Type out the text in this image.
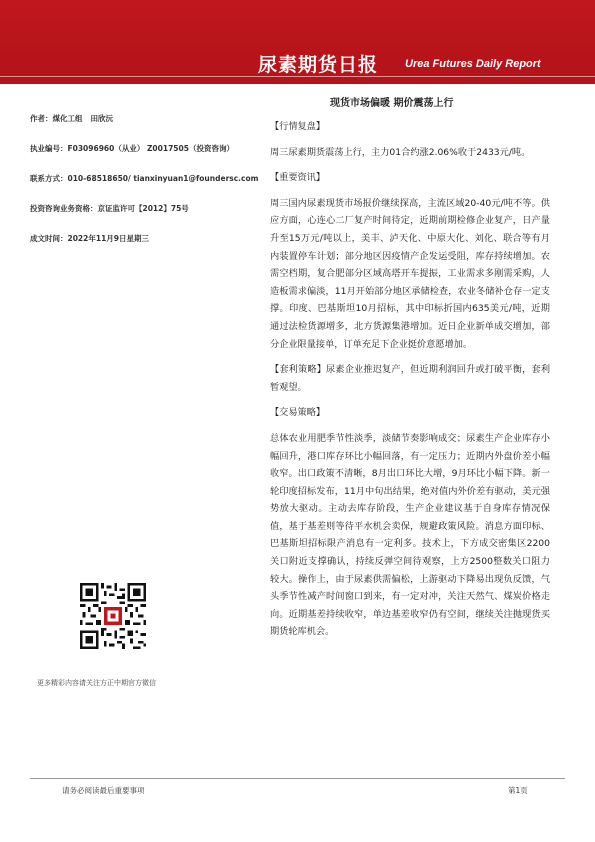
尿素期货日报 Urea Futures Daily Report
现货市场偏暖 期价震荡上行

作者：煤化工组 田欣沅

执业编号：F03096960（从业） Z0017505（投资咨询）

联系方式：010-68518650/ tianxinyuan1@foundersc.com

投资咨询业务资格：京证监许可【2012】75号

成文时间：2022年11月9日星期三

【行情复盘】

周三尿素期货震荡上行，主力01合约涨2.06%收于2433元/吨。

【重要资讯】

周三国内尿素现货市场报价继续探高，主流区域20-40元/吨不等。供应方面，心连心二厂复产时间待定，近期前期检修企业复产，日产量升至15万元/吨以上，美丰、泸天化、中原大化、刘化、联合等有月内装置停车计划；部分地区因疫情产企发运受阻，库存持续增加。农需空档期，复合肥部分区域高塔开车提振，工业需求多刚需采购，人造板需求偏淡，11月开始部分地区承储检查，农业冬储补仓存一定支撑。印度、巴基斯坦10月招标，其中印标折国内635美元/吨，近期通过法检货源增多，北方货源集港增加。近日企业新单成交增加，部分企业限量接单，订单充足下企业挺价意愿增加。

【套利策略】尿素企业推迟复产，但近期利润回升或打破平衡，套利暂观望。

【交易策略】

总体农业用肥季节性淡季，淡储节奏影响成交；尿素生产企业库存小幅回升，港口库存环比小幅回落，有一定压力；近期内外盘价差小幅收窄。出口政策不清晰，8月出口环比大增，9月环比小幅下降。新一轮印度招标发布，11月中旬出结果，绝对值内外价差有驱动，美元强势放大驱动。主动去库存阶段，生产企业建议基于自身库存情况保值，基于基差则等待平水机会卖保，规避政策风险。消息方面印标、巴基斯坦招标限产消息有一定利多。技术上，下方成交密集区2200关口附近支撑确认，持续反弹空间待观察，上方2500整数关口阻力较大。操作上，由于尿素供需偏松，上游驱动下降易出现负反馈，气头季节性减产时间窗口到来，有一定对冲，关注天然气、煤炭价格走向。近期基差持续收窄，单边基差收窄仍有空间，继续关注抛现货买期货轮库机会。

更多精彩内容请关注方正中期官方微信
请务必阅读最后重要事项	第1页
